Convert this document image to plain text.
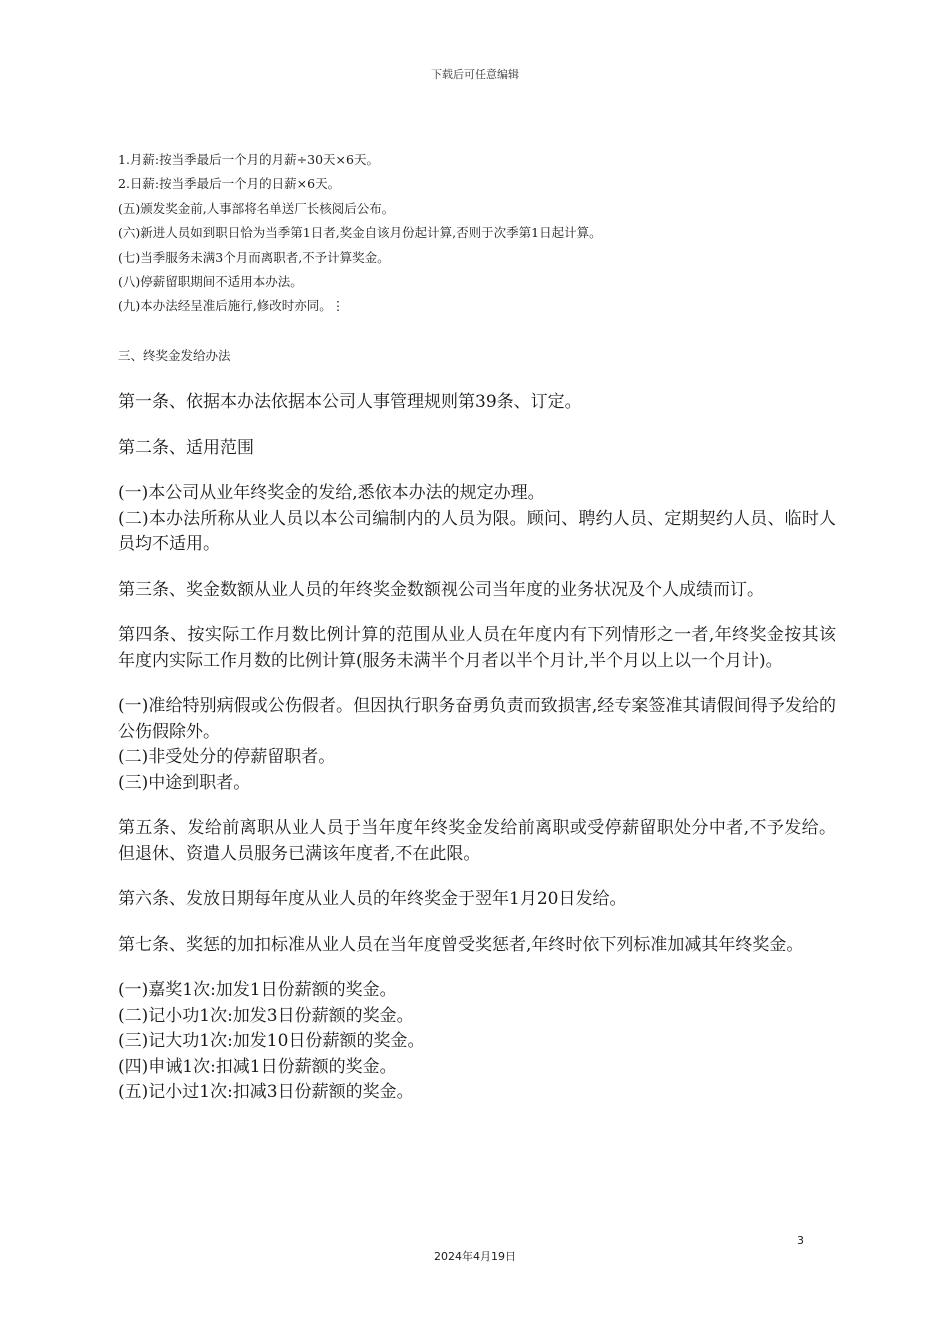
下载后可任意编辑
1.月薪:按当季最后一个月的月薪÷30天×6天。
2.日薪:按当季最后一个月的日薪×6天。
(五)颁发奖金前,人事部将名单送厂长核阅后公布。
(六)新进人员如到职日恰为当季第1日者,奖金自该月份起计算,否则于次季第1日起计算。
(七)当季服务未满3个月而离职者,不予计算奖金。
(八)停薪留职期间不适用本办法。
(九)本办法经呈准后施行,修改时亦同。⋮
三、终奖金发给办法

第一条、依据本办法依据本公司人事管理规则第39条、订定。

第二条、适用范围

(一)本公司从业年终奖金的发给,悉依本办法的规定办理。

(二)本办法所称从业人员以本公司编制内的人员为限。顾问、聘约人员、定期契约人员、临时人员均不适用。

第三条、奖金数额从业人员的年终奖金数额视公司当年度的业务状况及个人成绩而订。

第四条、按实际工作月数比例计算的范围从业人员在年度内有下列情形之一者,年终奖金按其该年度内实际工作月数的比例计算(服务未满半个月者以半个月计,半个月以上以一个月计)。

(一)准给特别病假或公伤假者。但因执行职务奋勇负责而致损害,经专案签准其请假间得予发给的公伤假除外。

(二)非受处分的停薪留职者。

(三)中途到职者。

第五条、发给前离职从业人员于当年度年终奖金发给前离职或受停薪留职处分中者,不予发给。但退休、资遣人员服务已满该年度者,不在此限。

第六条、发放日期每年度从业人员的年终奖金于翌年1月20日发给。

第七条、奖惩的加扣标准从业人员在当年度曾受奖惩者,年终时依下列标准加减其年终奖金。

(一)嘉奖1次:加发1日份薪额的奖金。

(二)记小功1次:加发3日份薪额的奖金。

(三)记大功1次:加发10日份薪额的奖金。

(四)申诫1次:扣减1日份薪额的奖金。

(五)记小过1次:扣减3日份薪额的奖金。

3
2024年4月19日
